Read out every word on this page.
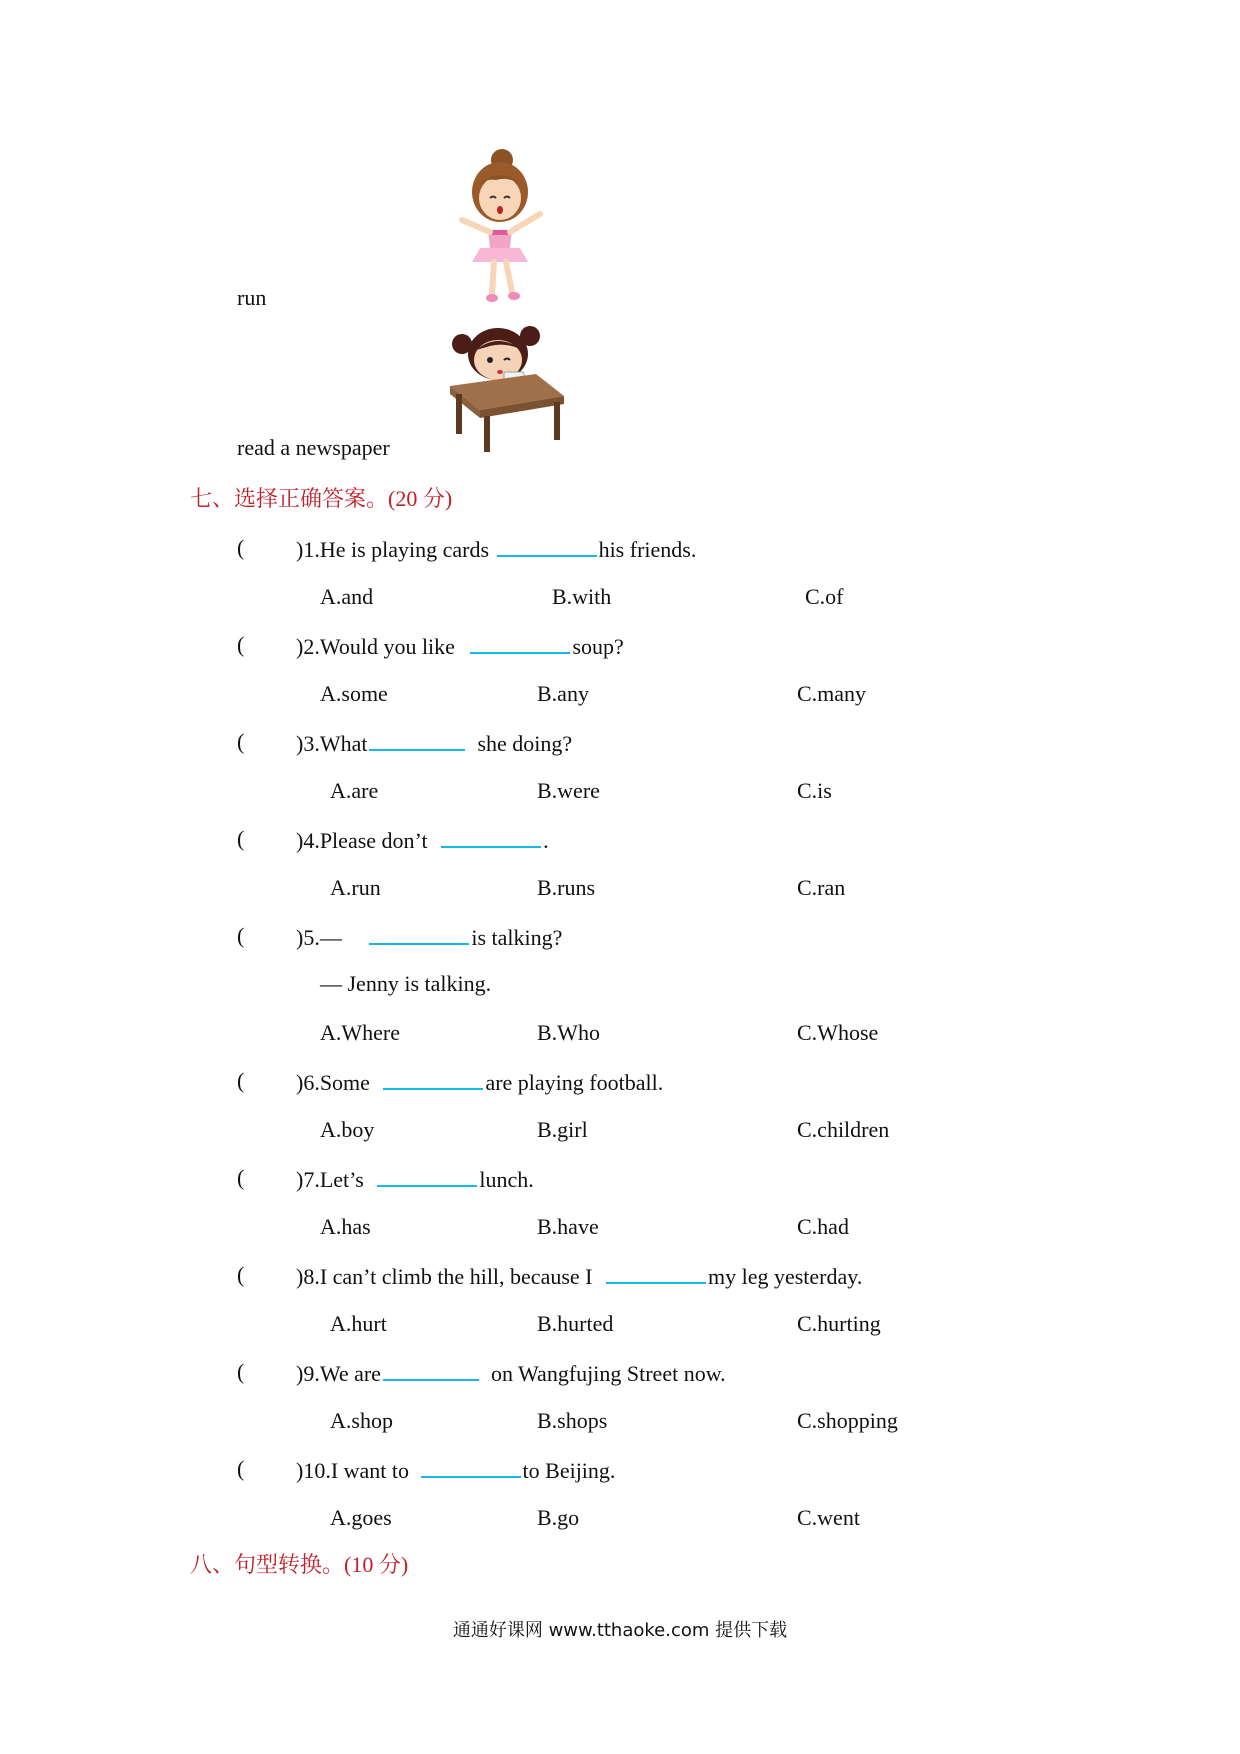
run
read a newspaper
七、选择正确答案。(20 分)
( )1.He is playing cards	his friends.
A.and	B.with	C.of
( )2.Would you like	soup?
A.some	B.any	C.many
( )3.What	she doing?
A.are	B.were	C.is
( )4.Please don’t	.
A.run	B.runs	C.ran
( )5.—	is talking?
— Jenny is talking.
A.Where	B.Who	C.Whose
( )6.Some	are playing football.
A.boy	B.girl	C.children
( )7.Let’s	lunch.
A.has	B.have	C.had
( )8.I can’t climb the hill, because I	my leg yesterday.
A.hurt	B.hurted	C.hurting
( )9.We are	on Wangfujing Street now.
A.shop	B.shops	C.shopping
( )10.I want to	to Beijing.
A.goes	B.go	C.went
八、句型转换。(10 分)
通通好课网 www.tthaoke.com 提供下载
